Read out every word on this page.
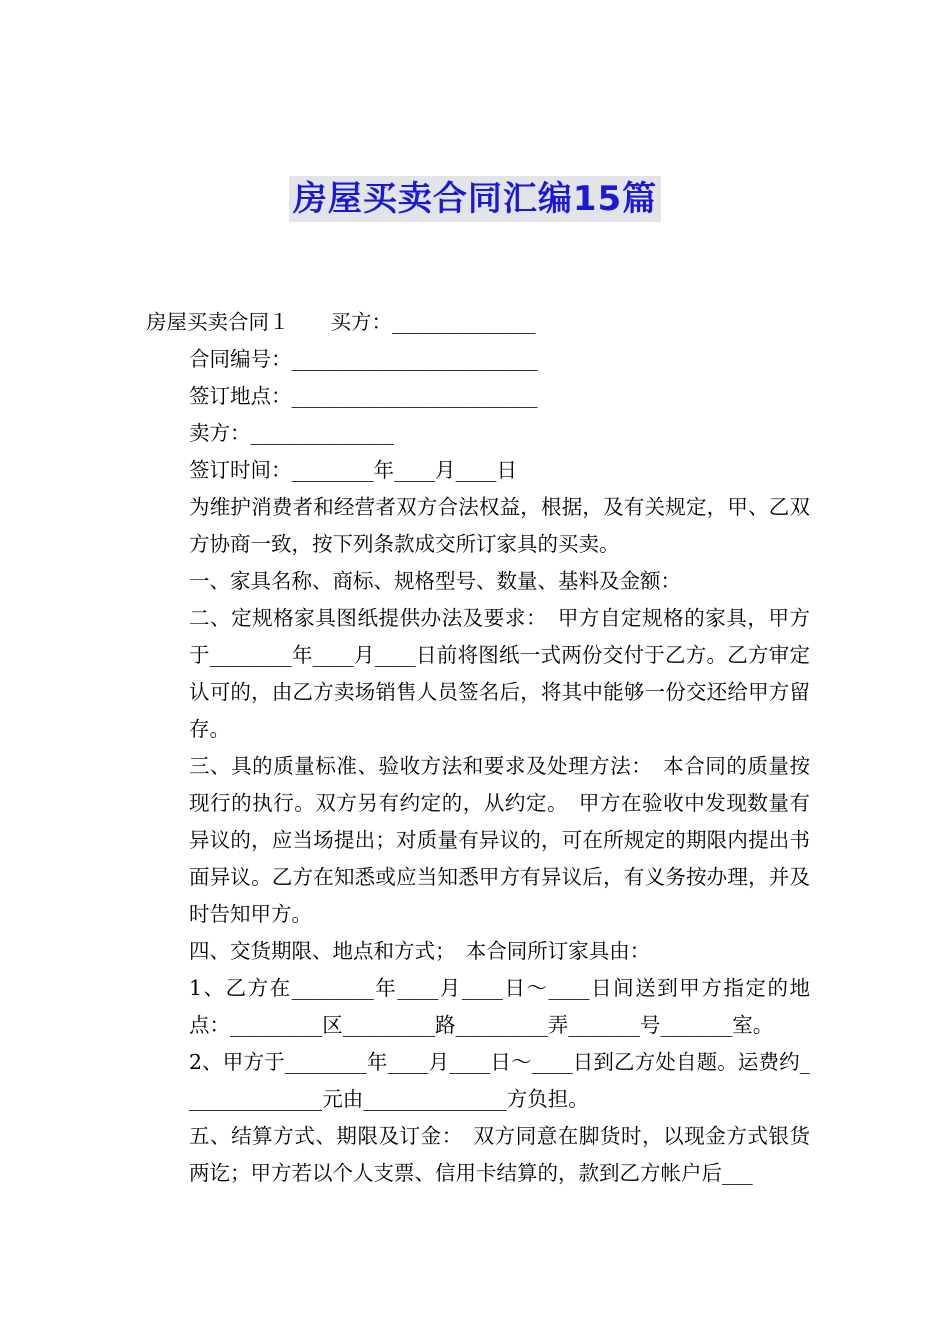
房屋买卖合同汇编15篇

房屋买卖合同１　　买方：______________

合同编号：________________________

签订地点：________________________

卖方：______________

签订时间：________年____月____日

为维护消费者和经营者双方合法权益，根据，及有关规定，甲、乙双方协商一致，按下列条款成交所订家具的买卖。

一、家具名称、商标、规格型号、数量、基料及金额：

二、定规格家具图纸提供办法及要求：　甲方自定规格的家具，甲方于________年____月____日前将图纸一式两份交付于乙方。乙方审定认可的，由乙方卖场销售人员签名后，将其中能够一份交还给甲方留存。

三、具的质量标准、验收方法和要求及处理方法：　本合同的质量按现行的执行。双方另有约定的，从约定。　甲方在验收中发现数量有异议的，应当场提出；对质量有异议的，可在所规定的期限内提出书面异议。乙方在知悉或应当知悉甲方有异议后，有义务按办理，并及时告知甲方。

四、交货期限、地点和方式；　本合同所订家具由：

1、乙方在________年____月____日～____日间送到甲方指定的地点：_________区_________路_________弄_______号_______室。

2、甲方于________年____月____日～____日到乙方处自题。运费约______________元由______________方负担。

五、结算方式、期限及订金：　双方同意在脚货时，以现金方式银货两讫；甲方若以个人支票、信用卡结算的，款到乙方帐户后___
